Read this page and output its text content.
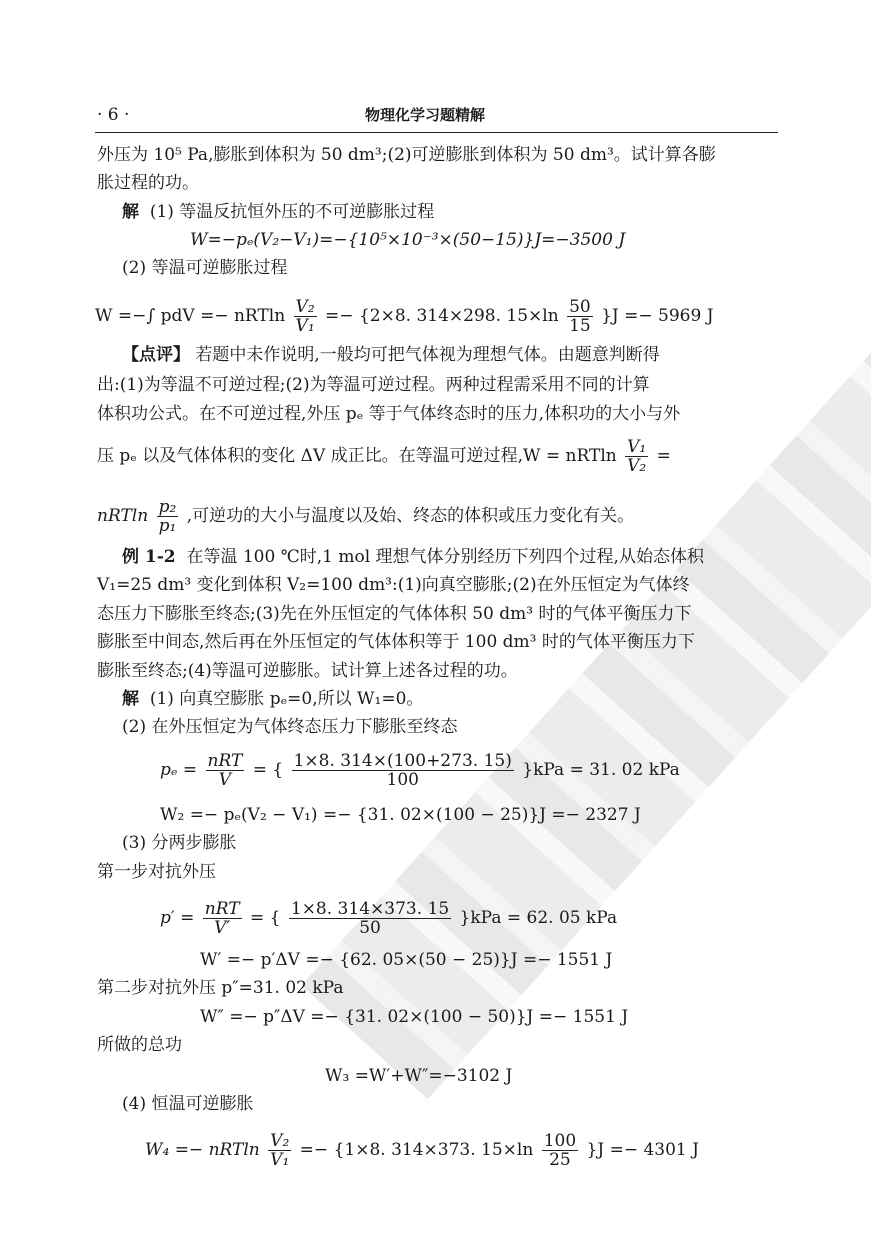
· 6 ·	物理化学习题精解
外压为 10⁵ Pa,膨胀到体积为 50 dm³;(2)可逆膨胀到体积为 50 dm³。试计算各膨
胀过程的功。
解 (1) 等温反抗恒外压的不可逆膨胀过程
W=−pₑ(V₂−V₁)=−{10⁵×10⁻³×(50−15)}J=−3500 J
(2) 等温可逆膨胀过程
W =−∫ pdV =− nRTln $\frac{\text{V₂}}{\text{V₁}} =- \{2\times 8$. 314×298. $15\times\ln \frac{50}{15} \}J =- 5969$ J
【点评】 若题中未作说明,一般均可把气体视为理想气体。由题意判断得
出:(1)为等温不可逆过程;(2)为等温可逆过程。两种过程需采用不同的计算
体积功公式。在不可逆过程,外压 pₑ 等于气体终态时的压力,体积功的大小与外
压 pₑ 以及气体体积的变化 ΔV 成正比。在等温可逆过程,W = nRTln $\frac{\text{V₁}}{\text{V₂}}$ =
nRTln $\frac{\text{p₂}}{\text{p₁}}$ ,可逆功的大小与温度以及始、终态的体积或压力变化有关。
例 1-2 在等温 100 ℃时,1 mol 理想气体分别经历下列四个过程,从始态体积
V₁=25 dm³ 变化到体积 V₂=100 dm³:(1)向真空膨胀;(2)在外压恒定为气体终
态压力下膨胀至终态;(3)先在外压恒定的气体体积 50 dm³ 时的气体平衡压力下
膨胀至中间态,然后再在外压恒定的气体体积等于 100 dm³ 时的气体平衡压力下
膨胀至终态;(4)等温可逆膨胀。试计算上述各过程的功。
解 (1) 向真空膨胀 pₑ=0,所以 W₁=0。
(2) 在外压恒定为气体终态压力下膨胀至终态
pₑ = nRT
V = { $\frac{1\times 8. 314\times(100+273. 15)}{100} \}kPa = 31$. 02 kPa
W₂ =− pₑ(V₂ − V₁) =− {31. 02×(100 − 25)}J =− 2327 J
(3) 分两步膨胀
第一步对抗外压
p′ = nRT
V′ = { $\frac{1\times 8. 314\times 373. 15}{50} \}kPa = 62$. 05 kPa
W′ =− p′ΔV =− {62. 05×(50 − 25)}J =− 1551 J
第二步对抗外压 p″=31. 02 kPa
W″ =− p″ΔV =− {31. 02×(100 − 50)}J =− 1551 J
所做的总功
W₃ =W′+W″=−3102 J
(4) 恒温可逆膨胀
W₄ =− nRTln $\frac{\text{V₂}}{\text{V₁}} =- \{1\times 8$. 314×373. $15\times\ln \frac{100}{25} \}J =- 4301$ J
